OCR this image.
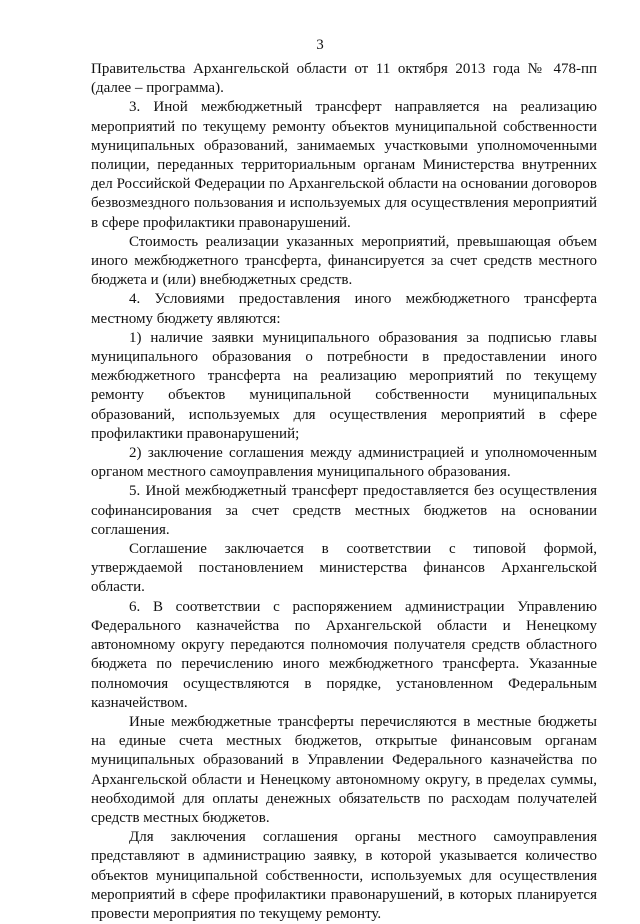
3

Правительства Архангельской области от 11 октября 2013 года № 478-пп (далее – программа).

3. Иной межбюджетный трансферт направляется на реализацию мероприятий по текущему ремонту объектов муниципальной собственности муниципальных образований, занимаемых участковыми уполномоченными полиции, переданных территориальным органам Министерства внутренних дел Российской Федерации по Архангельской области на основании договоров безвозмездного пользования и используемых для осуществления мероприятий в сфере профилактики правонарушений.

Стоимость реализации указанных мероприятий, превышающая объем иного межбюджетного трансферта, финансируется за счет средств местного бюджета и (или) внебюджетных средств.

4. Условиями предоставления иного межбюджетного трансферта местному бюджету являются:

1) наличие заявки муниципального образования за подписью главы муниципального образования о потребности в предоставлении иного межбюджетного трансферта на реализацию мероприятий по текущему ремонту объектов муниципальной собственности муниципальных образований, используемых для осуществления мероприятий в сфере профилактики правонарушений;

2) заключение соглашения между администрацией и уполномоченным органом местного самоуправления муниципального образования.

5. Иной межбюджетный трансферт предоставляется без осуществления софинансирования за счет средств местных бюджетов на основании соглашения.

Соглашение заключается в соответствии с типовой формой, утверждаемой постановлением министерства финансов Архангельской области.

6. В соответствии с распоряжением администрации Управлению Федерального казначейства по Архангельской области и Ненецкому автономному округу передаются полномочия получателя средств областного бюджета по перечислению иного межбюджетного трансферта. Указанные полномочия осуществляются в порядке, установленном Федеральным казначейством.

Иные межбюджетные трансферты перечисляются в местные бюджеты на единые счета местных бюджетов, открытые финансовым органам муниципальных образований в Управлении Федерального казначейства по Архангельской области и Ненецкому автономному округу, в пределах суммы, необходимой для оплаты денежных обязательств по расходам получателей средств местных бюджетов.

Для заключения соглашения органы местного самоуправления представляют в администрацию заявку, в которой указывается количество объектов муниципальной собственности, используемых для осуществления мероприятий в сфере профилактики правонарушений, в которых планируется провести мероприятия по текущему ремонту.
